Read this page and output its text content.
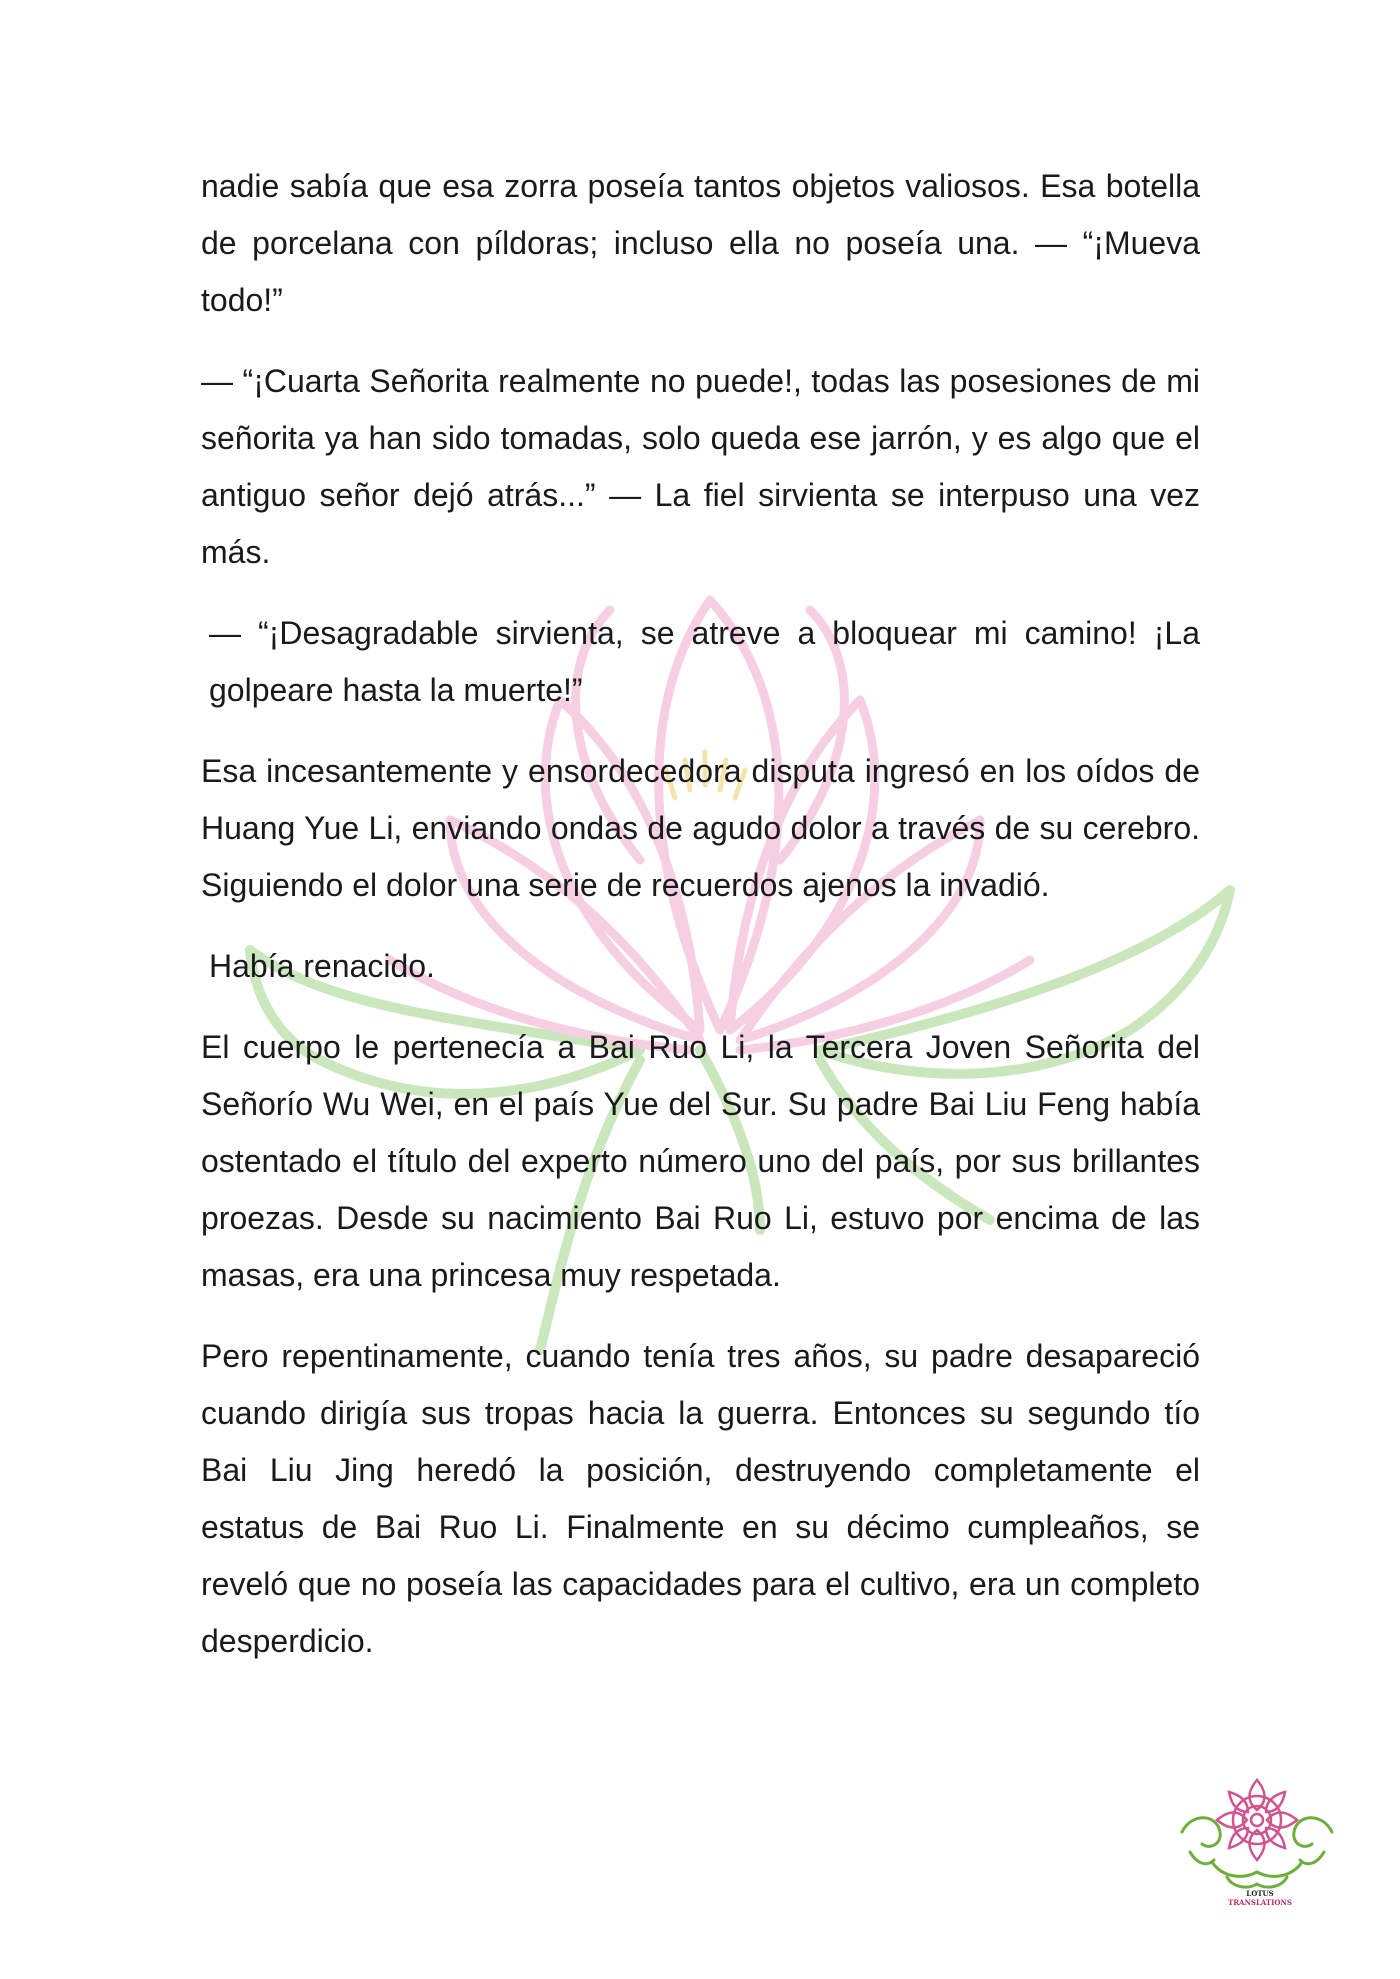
nadie sabía que esa zorra poseía tantos objetos valiosos. Esa botella de porcelana con píldoras; incluso ella no poseía una. — “¡Mueva todo!”

— “¡Cuarta Señorita realmente no puede!, todas las posesiones de mi señorita ya han sido tomadas, solo queda ese jarrón, y es algo que el antiguo señor dejó atrás...” — La fiel sirvienta se interpuso una vez más.

— “¡Desagradable sirvienta, se atreve a bloquear mi camino! ¡La golpeare hasta la muerte!”

Esa incesantemente y ensordecedora disputa ingresó en los oídos de Huang Yue Li, enviando ondas de agudo dolor a través de su cerebro. Siguiendo el dolor una serie de recuerdos ajenos la invadió.

Había renacido.

El cuerpo le pertenecía a Bai Ruo Li, la Tercera Joven Señorita del Señorío Wu Wei, en el país Yue del Sur. Su padre Bai Liu Feng había ostentado el título del experto número uno del país, por sus brillantes proezas. Desde su nacimiento Bai Ruo Li, estuvo por encima de las masas, era una princesa muy respetada.

Pero repentinamente, cuando tenía tres años, su padre desapareció cuando dirigía sus tropas hacia la guerra. Entonces su segundo tío Bai Liu Jing heredó la posición, destruyendo completamente el estatus de Bai Ruo Li. Finalmente en su décimo cumpleaños, se reveló que no poseía las capacidades para el cultivo, era un completo desperdicio.

LOTUS
TRANSLATIONS
